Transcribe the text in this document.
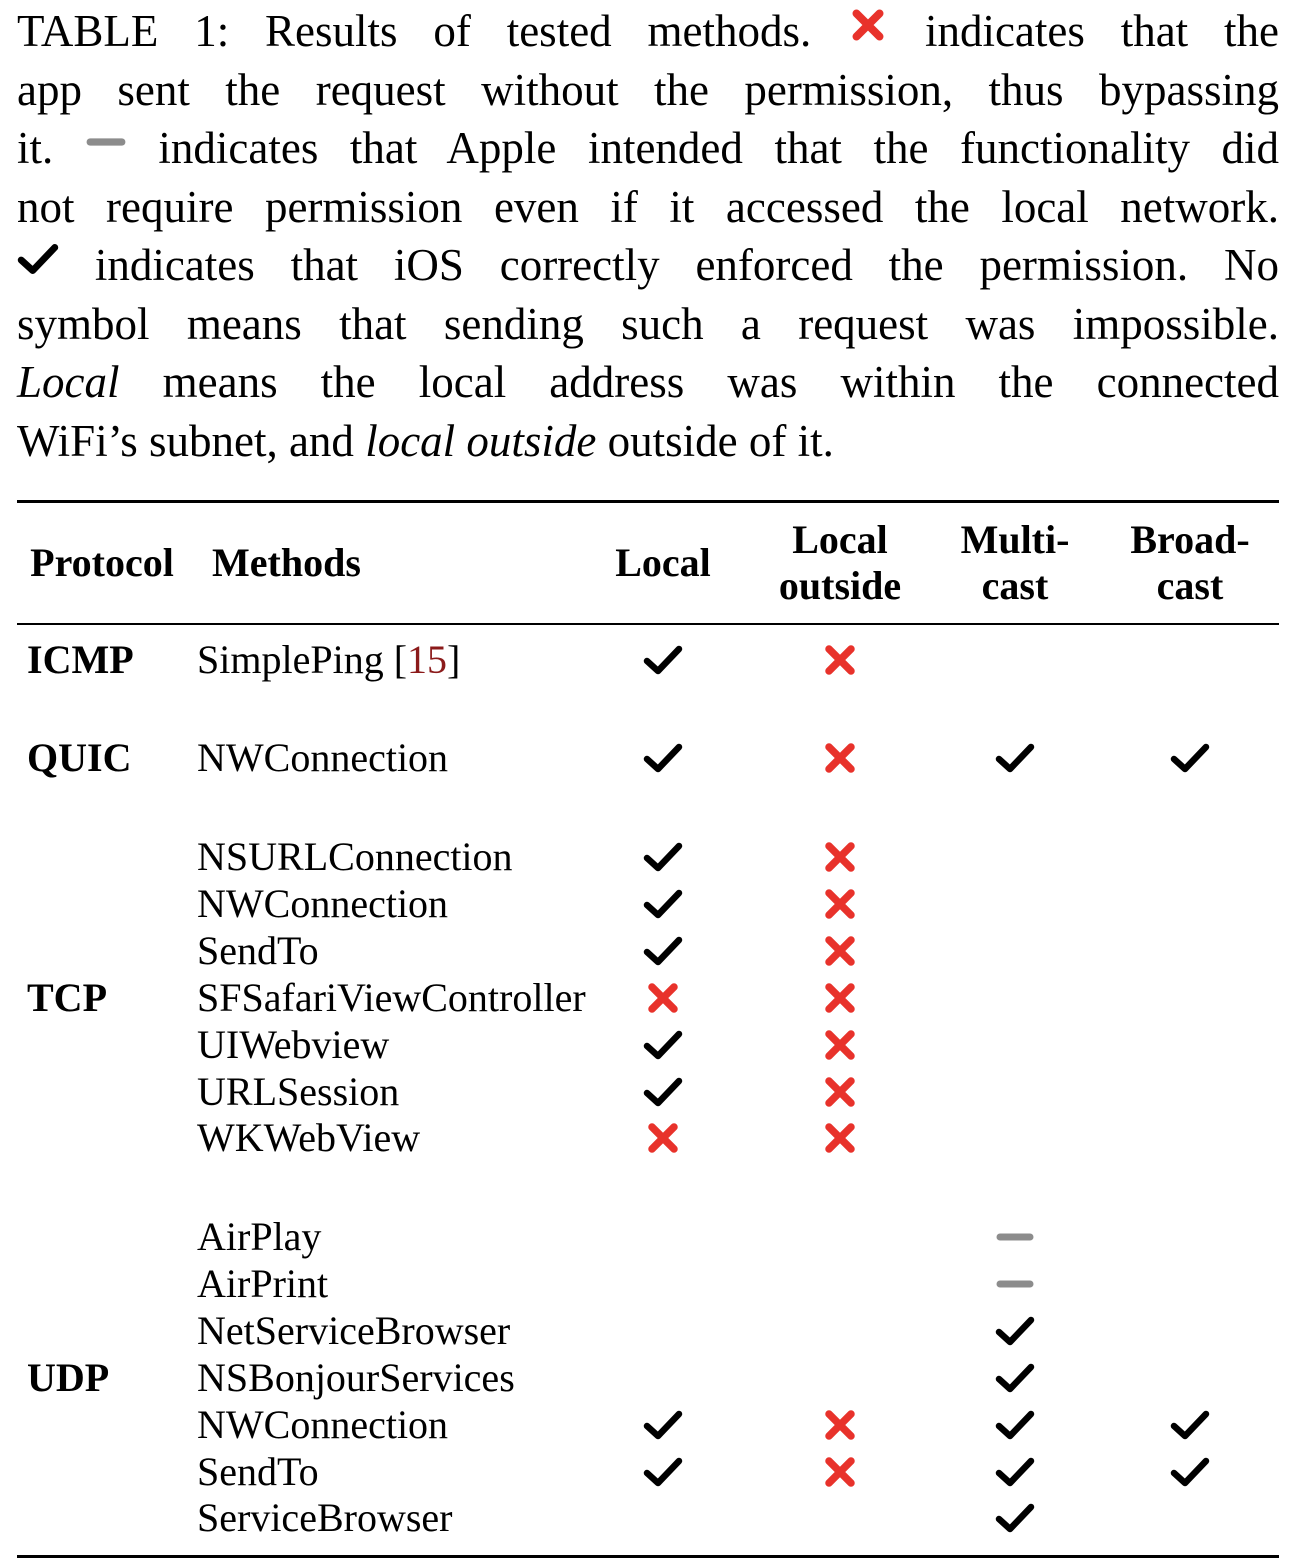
TABLE 1: Results of tested methods.	indicates that the
app sent the request without the permission, thus bypassing
it. indicates that Apple intended that the functionality did
not require permission even if it accessed the local network.
indicates that iOS correctly enforced the permission. No
symbol means that sending such a request was impossible.
Local means the local address was within the connected
WiFi’s subnet, and local outside outside of it.
Protocol Methods	Local
Local
outside
Multi-
cast
Broad-
cast
ICMP SimplePing [15]
QUIC NWConnection
TCP
NSURLConnection
NWConnection
SendTo
SFSafariViewController
UIWebview
URLSession
WKWebView
UDP
AirPlay
AirPrint
NetServiceBrowser
NSBonjourServices
NWConnection
SendTo
ServiceBrowser
